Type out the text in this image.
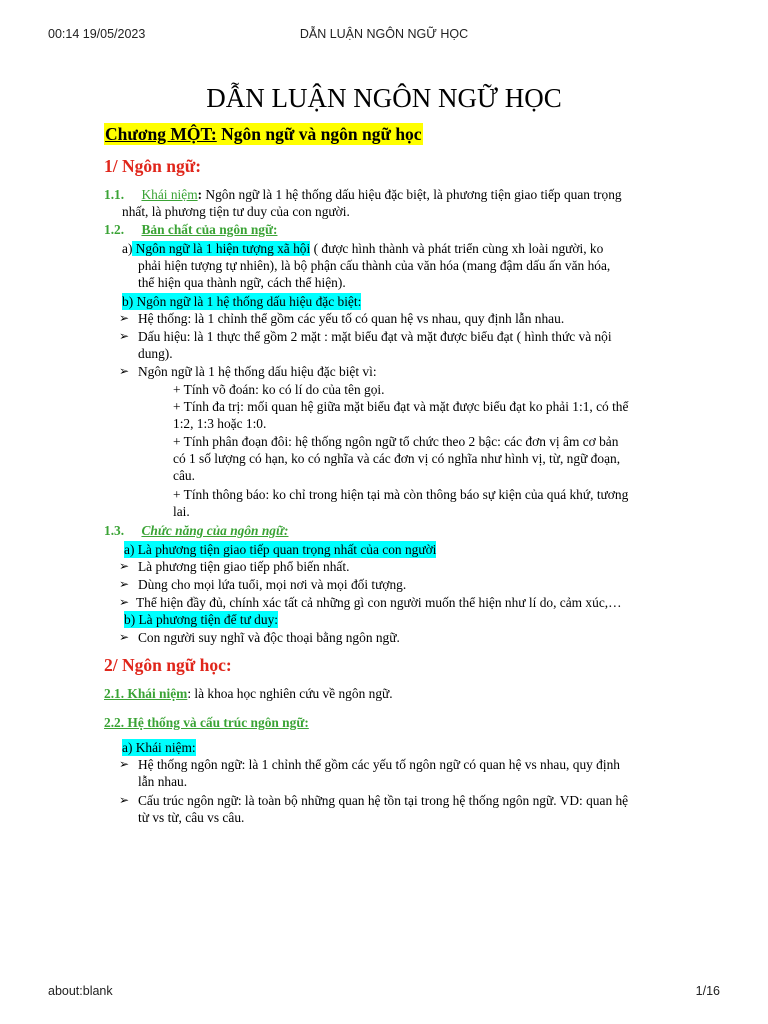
00:14 19/05/2023	DẪN LUẬN NGÔN NGỮ HỌC
DẪN LUẬN NGÔN NGỮ HỌC
Chương MỘT: Ngôn ngữ và ngôn ngữ học
1/ Ngôn ngữ:
1.1. Khái niệm: Ngôn ngữ là 1 hệ thống dấu hiệu đặc biệt, là phương tiện giao tiếp quan trọng
nhất, là phương tiện tư duy của con người.
1.2. Bản chất của ngôn ngữ:
a) Ngôn ngữ là 1 hiện tượng xã hội ( được hình thành và phát triển cùng xh loài người, ko
phải hiện tượng tự nhiên), là bộ phận cấu thành của văn hóa (mang đậm dấu ấn văn hóa,
thể hiện qua thành ngữ, cách thể hiện).
b) Ngôn ngữ là 1 hệ thống dấu hiệu đặc biệt:
➢ Hệ thống: là 1 chỉnh thể gồm các yếu tố có quan hệ vs nhau, quy định lẫn nhau.
➢ Dấu hiệu: là 1 thực thể gồm 2 mặt : mặt biểu đạt và mặt được biểu đạt ( hình thức và nội
dung).
➢ Ngôn ngữ là 1 hệ thống dấu hiệu đặc biệt vì:
+ Tính võ đoán: ko có lí do của tên gọi.
+ Tính đa trị: mối quan hệ giữa mặt biểu đạt và mặt được biểu đạt ko phải 1:1, có thể
1:2, 1:3 hoặc 1:0.
+ Tính phân đoạn đôi: hệ thống ngôn ngữ tổ chức theo 2 bậc: các đơn vị âm cơ bản
có 1 số lượng có hạn, ko có nghĩa và các đơn vị có nghĩa như hình vị, từ, ngữ đoạn,
câu.
+ Tính thông báo: ko chỉ trong hiện tại mà còn thông báo sự kiện của quá khứ, tương
lai.
1.3. Chức năng của ngôn ngữ:
a) Là phương tiện giao tiếp quan trọng nhất của con người
➢ Là phương tiện giao tiếp phổ biến nhất.
➢ Dùng cho mọi lứa tuổi, mọi nơi và mọi đối tượng.
➢ Thể hiện đầy đủ, chính xác tất cả những gì con người muốn thể hiện như lí do, cảm xúc,…
b) Là phương tiện để tư duy:
➢ Con người suy nghĩ và độc thoại bằng ngôn ngữ.
2/ Ngôn ngữ học:
2.1. Khái niệm: là khoa học nghiên cứu về ngôn ngữ.
2.2. Hệ thống và cấu trúc ngôn ngữ:
a) Khái niệm:
➢ Hệ thống ngôn ngữ: là 1 chỉnh thể gồm các yếu tố ngôn ngữ có quan hệ vs nhau, quy định
lẫn nhau.
➢ Cấu trúc ngôn ngữ: là toàn bộ những quan hệ tồn tại trong hệ thống ngôn ngữ. VD: quan hệ
từ vs từ, câu vs câu.
about:blank	1/16
